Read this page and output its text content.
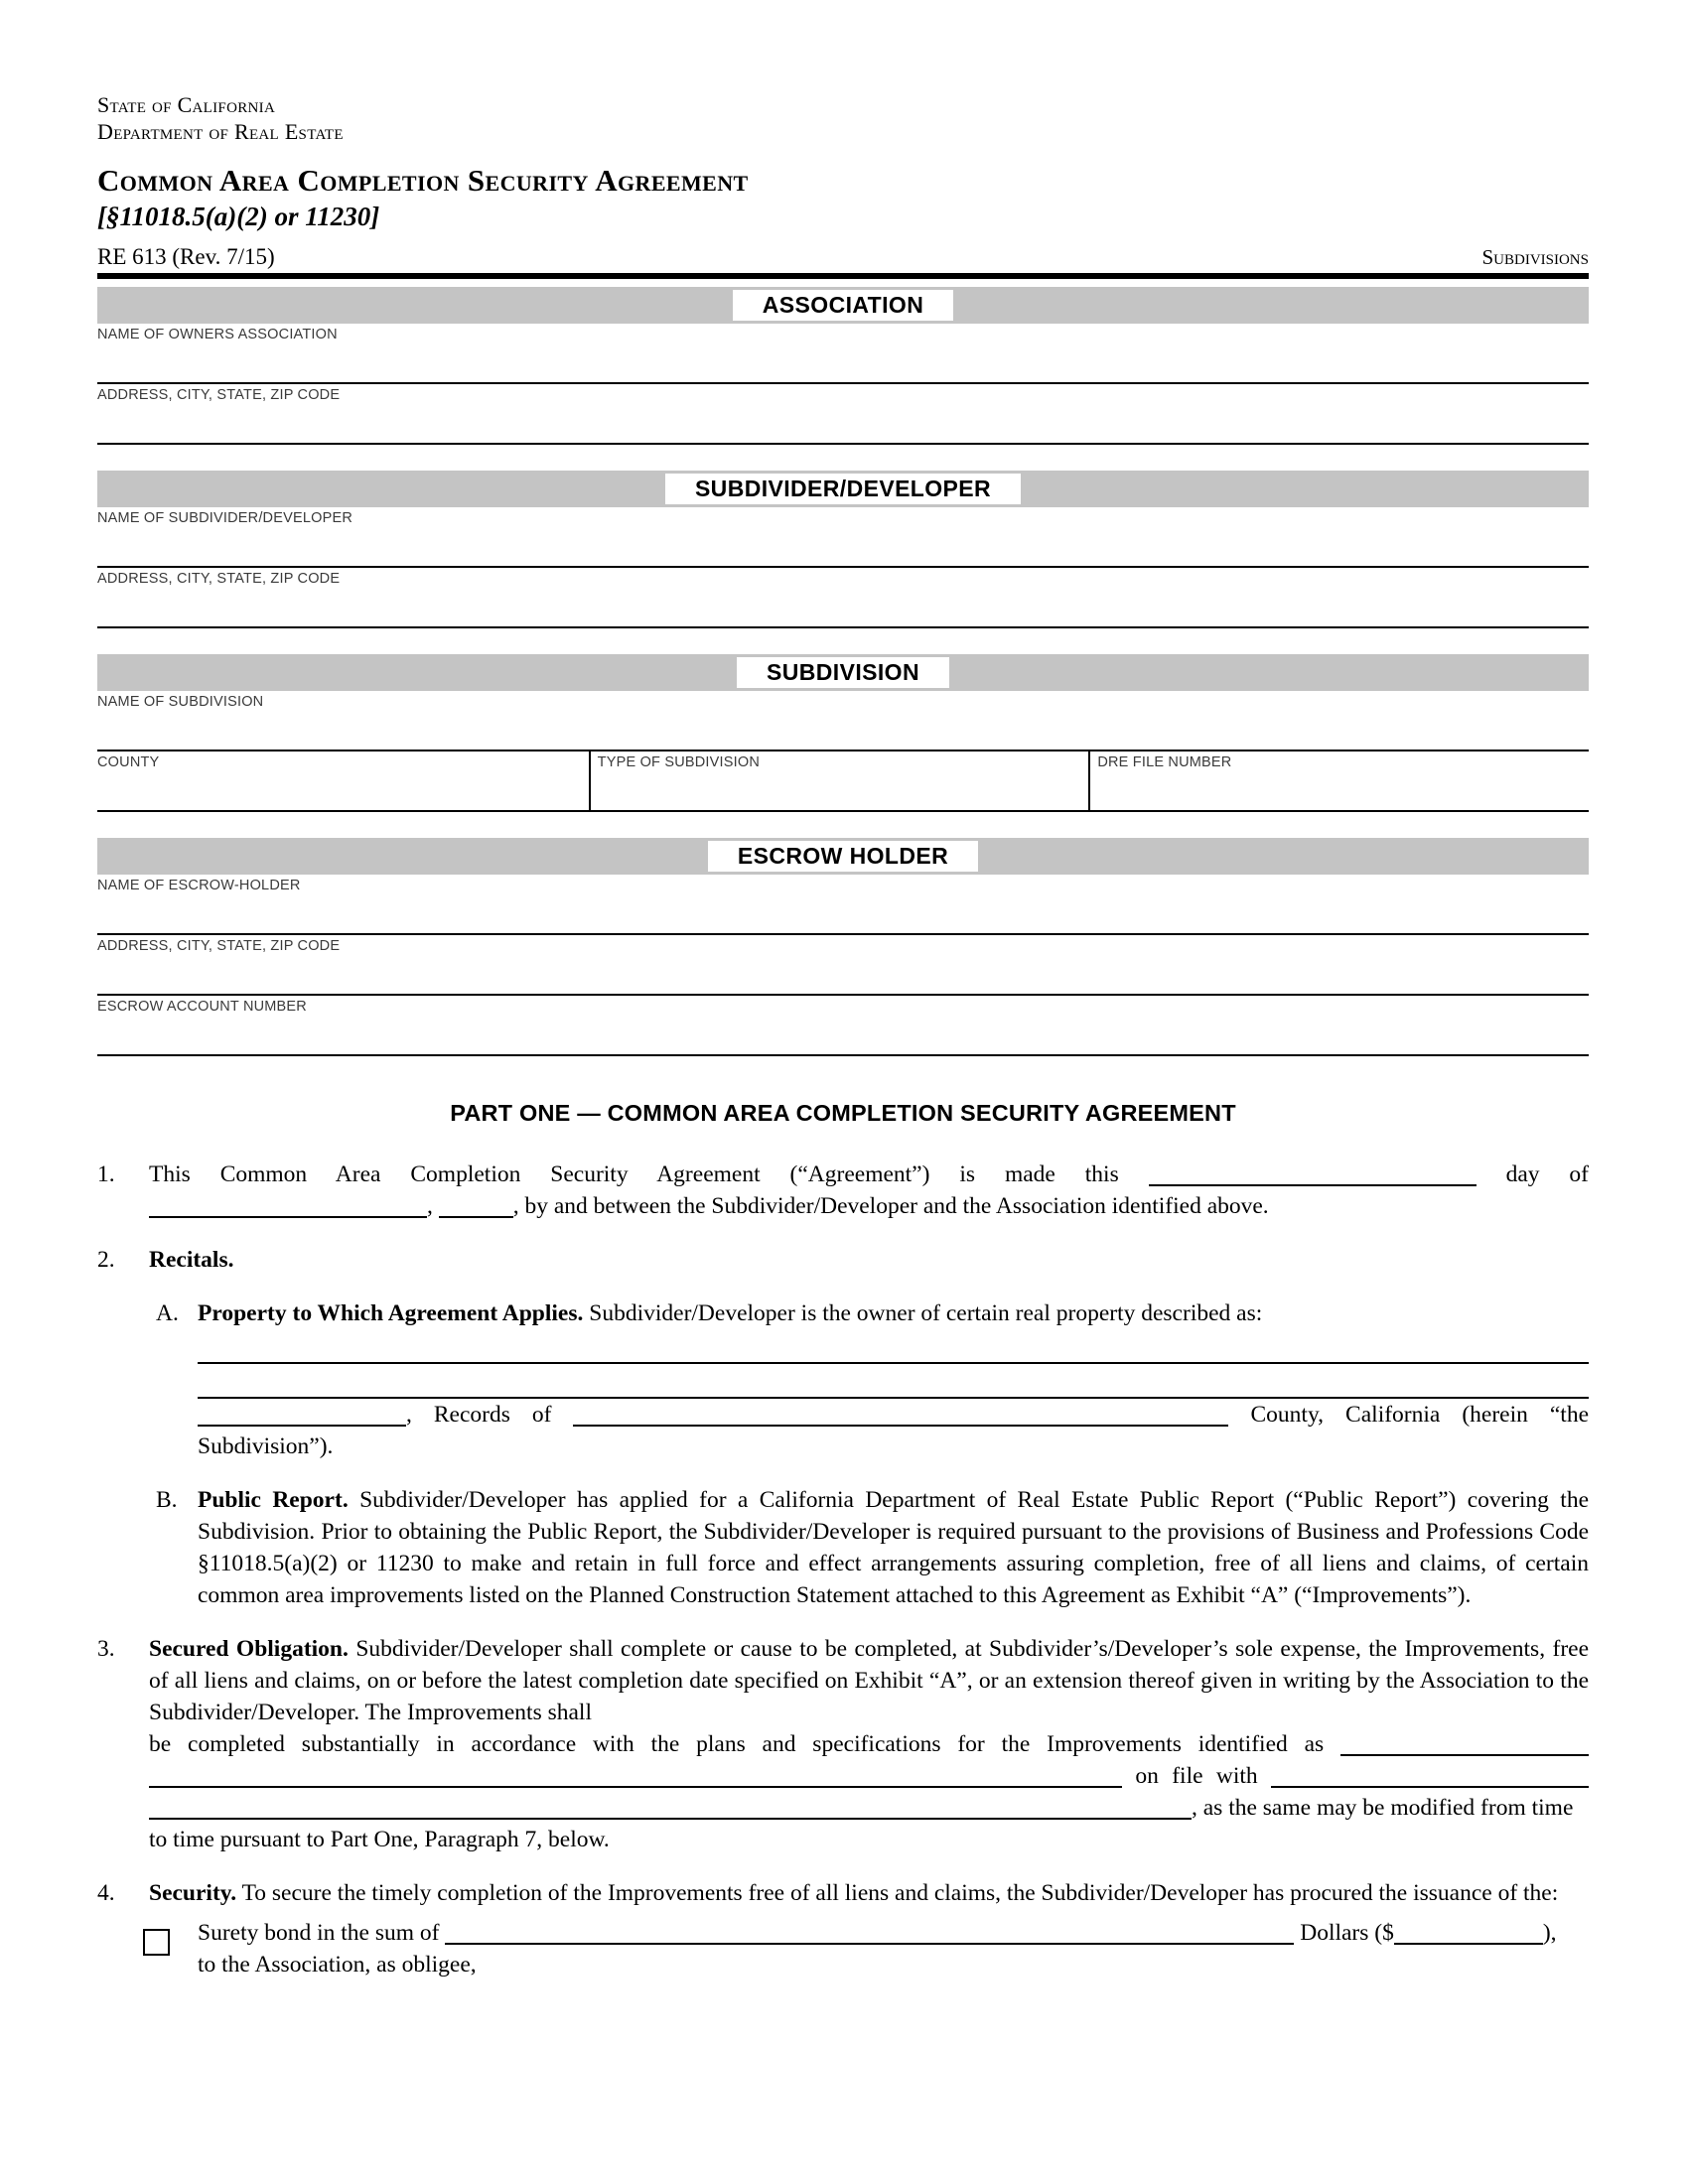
State of California
Department of Real Estate
Common Area Completion Security Agreement
[§11018.5(a)(2) or 11230]
RE 613 (Rev. 7/15)	Subdivisions
ASSOCIATION
NAME OF OWNERS ASSOCIATION
ADDRESS, CITY, STATE, ZIP CODE
SUBDIVIDER/DEVELOPER
NAME OF SUBDIVIDER/DEVELOPER
ADDRESS, CITY, STATE, ZIP CODE
SUBDIVISION
NAME OF SUBDIVISION
COUNTY	TYPE OF SUBDIVISION	DRE FILE NUMBER
ESCROW HOLDER
NAME OF ESCROW-HOLDER
ADDRESS, CITY, STATE, ZIP CODE
ESCROW ACCOUNT NUMBER
PART ONE — COMMON AREA COMPLETION SECURITY AGREEMENT
1. This Common Area Completion Security Agreement (“Agreement”) is made this	day of
,	, by and between the Subdivider/Developer and the Association identified above.
2. Recitals.
A. Property to Which Agreement Applies. Subdivider/Developer is the owner of certain real property described as:
, Records of	County, California (herein “the Subdivision”).
B. Public Report. Subdivider/Developer has applied for a California Department of Real Estate Public Report (“Public Report”) covering the Subdivision. Prior to obtaining the Public Report, the Subdivider/Developer is required pursuant to the provisions of Business and Professions Code §11018.5(a)(2) or 11230 to make and retain in full force and effect arrangements assuring completion, free of all liens and claims, of certain common area improvements listed on the Planned Construction Statement attached to this Agreement as Exhibit “A” (“Improvements”).
3. Secured Obligation. Subdivider/Developer shall complete or cause to be completed, at Subdivider’s/Developer’s sole expense, the Improvements, free of all liens and claims, on or before the latest completion date specified on Exhibit “A”, or an extension thereof given in writing by the Association to the Subdivider/Developer. The Improvements shall
be completed substantially in accordance with the plans and specifications for the Improvements identified as
on file with
, as the same may be modified from time
to time pursuant to Part One, Paragraph 7, below.
4. Security. To secure the timely completion of the Improvements free of all liens and claims, the Subdivider/Developer has procured the issuance of the:
Surety bond in the sum of	Dollars ($	),
to the Association, as obligee,
